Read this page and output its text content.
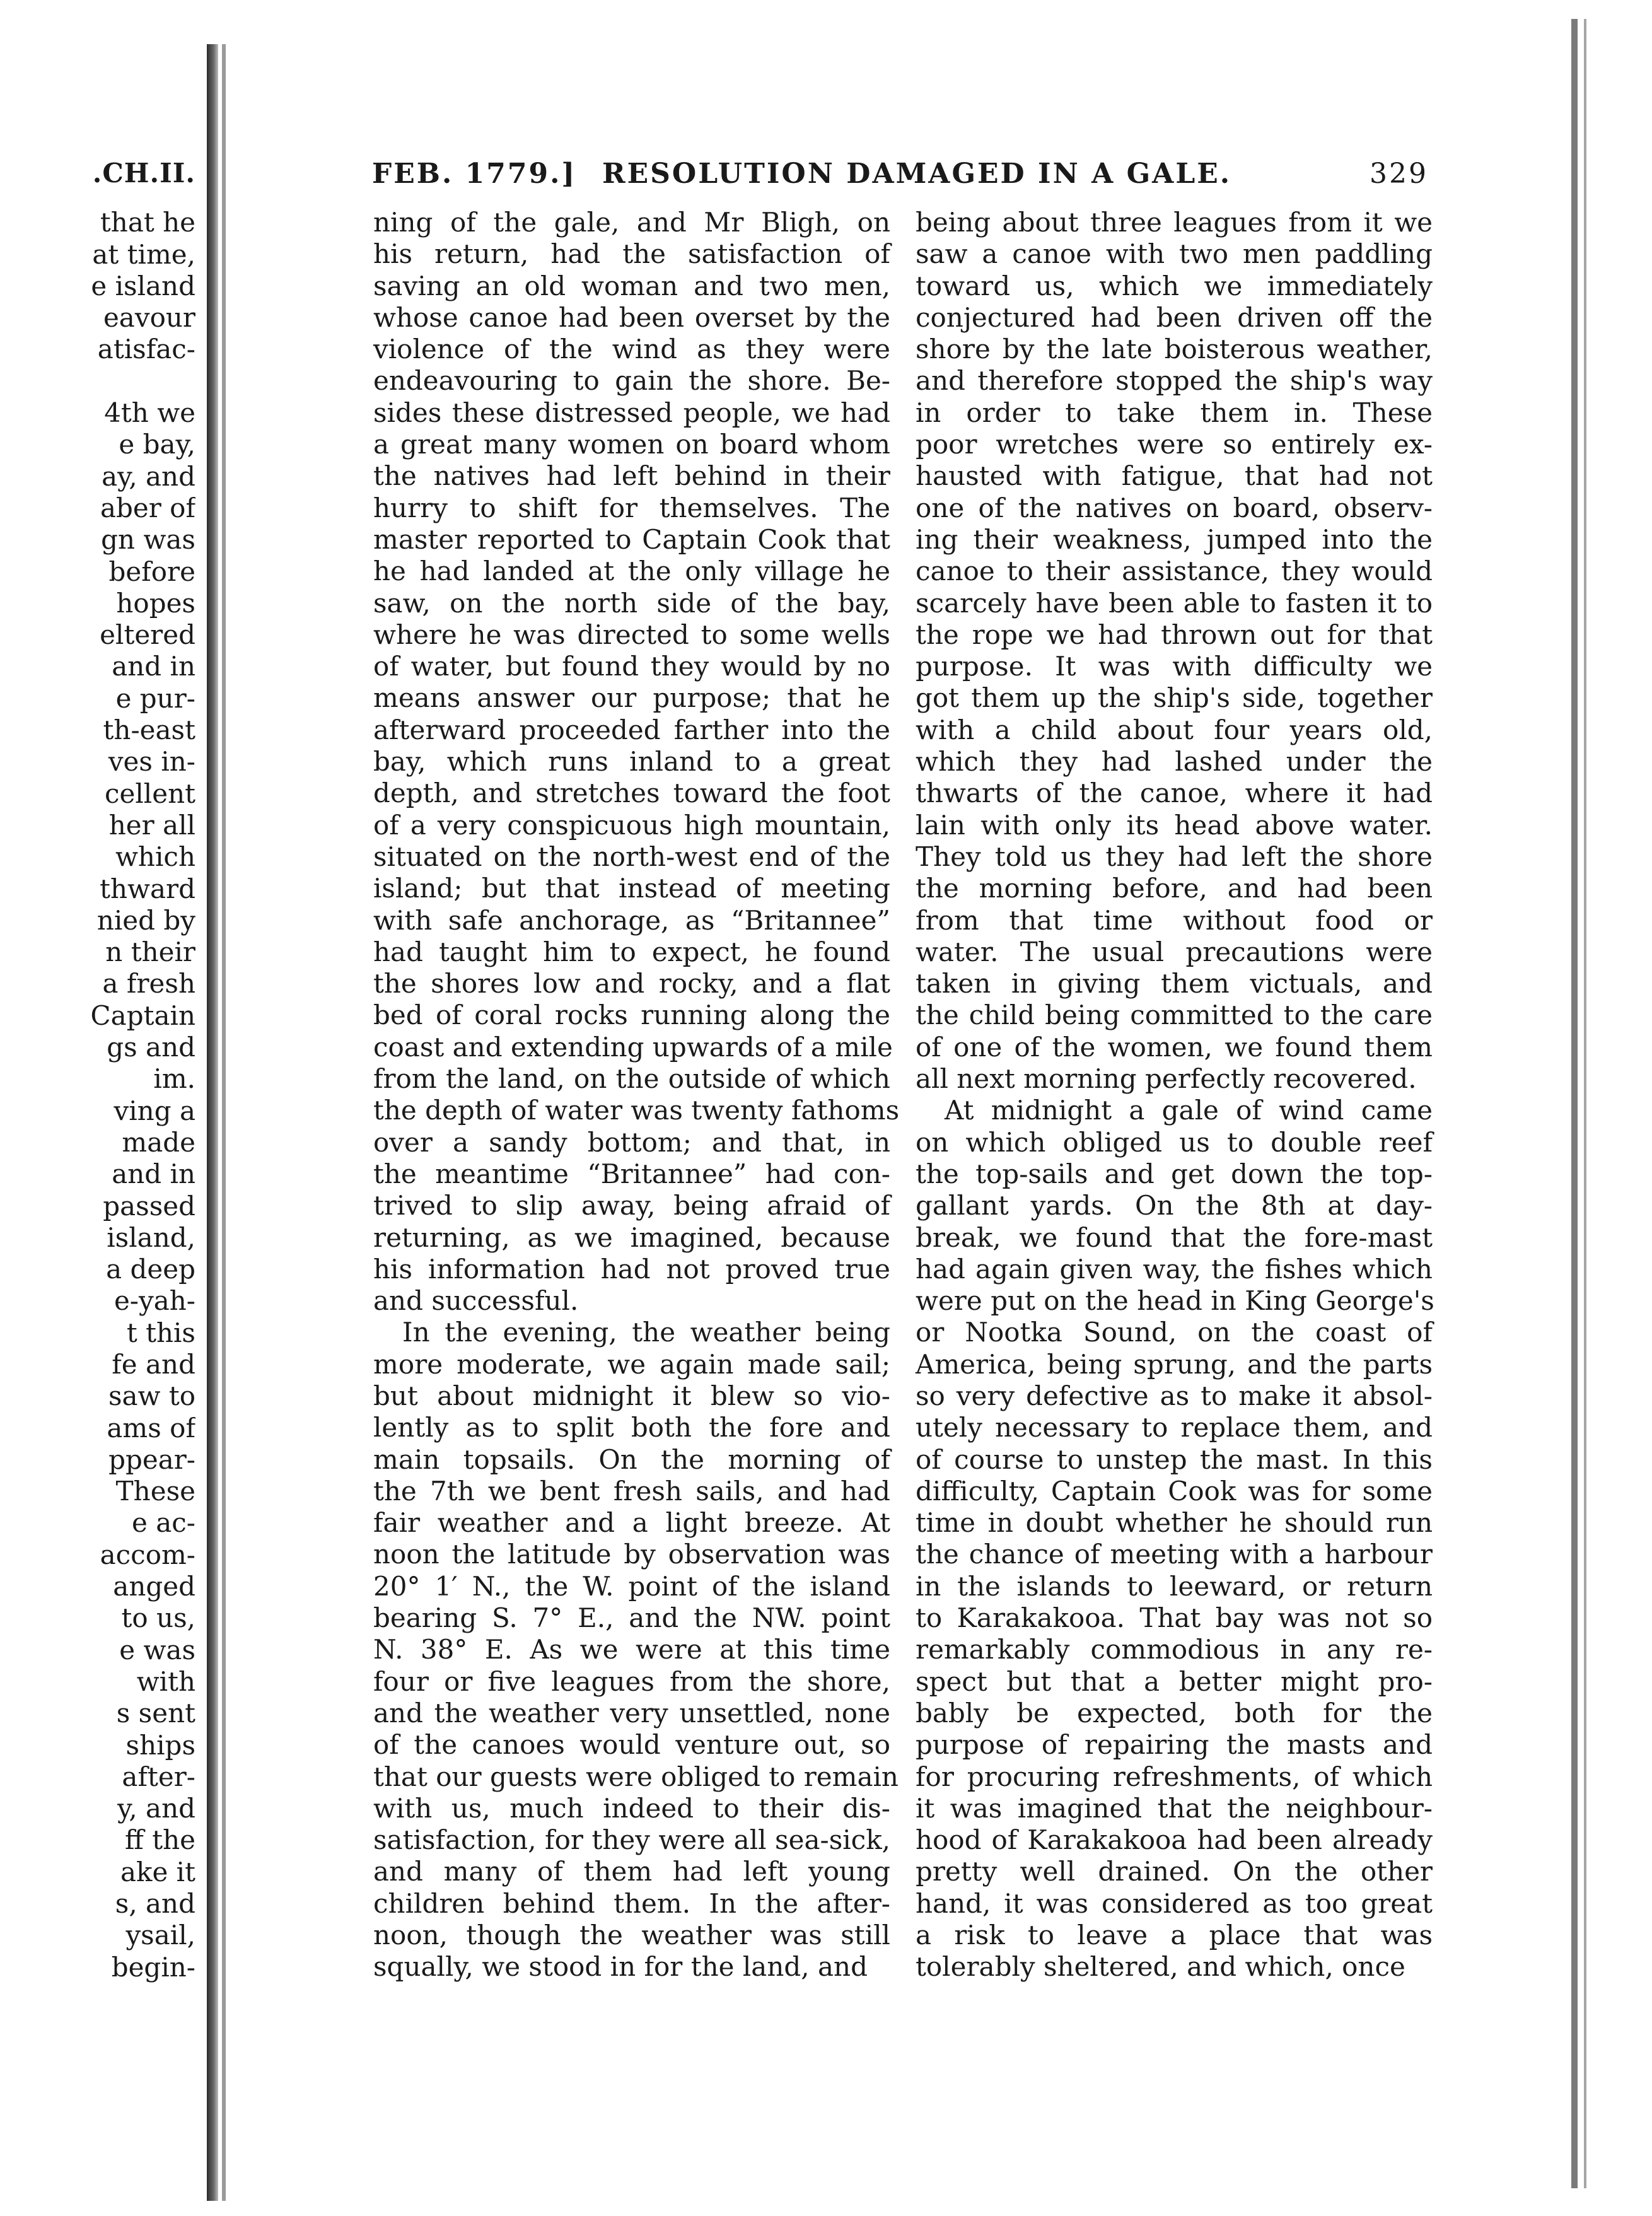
.CH.II.
that he
at time,
e island
eavour
atisfac-

4th we
e bay,
ay, and
aber of
gn was
before
hopes
eltered
and in
e pur-
th-east
ves in-
cellent
her all
which
thward
nied by
n their
a fresh
Captain
gs and
im.
ving a
made
and in
passed
island,
a deep
e-yah-
t this
fe and
saw to
ams of
ppear-
These
e ac-
accom-
anged
to us,
e was
with
s sent
ships
after-
y, and
ff the
ake it
s, and
ysail,
begin-
FEB. 1779.] RESOLUTION DAMAGED IN A GALE.	329
ning of the gale, and Mr Bligh, on
his return, had the satisfaction of
saving an old woman and two men,
whose canoe had been overset by the
violence of the wind as they were
endeavouring to gain the shore. Be-
sides these distressed people, we had
a great many women on board whom
the natives had left behind in their
hurry to shift for themselves. The
master reported to Captain Cook that
he had landed at the only village he
saw, on the north side of the bay,
where he was directed to some wells
of water, but found they would by no
means answer our purpose; that he
afterward proceeded farther into the
bay, which runs inland to a great
depth, and stretches toward the foot
of a very conspicuous high mountain,
situated on the north-west end of the
island; but that instead of meeting
with safe anchorage, as “Britannee”
had taught him to expect, he found
the shores low and rocky, and a flat
bed of coral rocks running along the
coast and extending upwards of a mile
from the land, on the outside of which
the depth of water was twenty fathoms
over a sandy bottom; and that, in
the meantime “Britannee” had con-
trived to slip away, being afraid of
returning, as we imagined, because
his information had not proved true
and successful.
In the evening, the weather being
more moderate, we again made sail;
but about midnight it blew so vio-
lently as to split both the fore and
main topsails. On the morning of
the 7th we bent fresh sails, and had
fair weather and a light breeze. At
noon the latitude by observation was
20° 1′ N., the W. point of the island
bearing S. 7° E., and the NW. point
N. 38° E. As we were at this time
four or five leagues from the shore,
and the weather very unsettled, none
of the canoes would venture out, so
that our guests were obliged to remain
with us, much indeed to their dis-
satisfaction, for they were all sea-sick,
and many of them had left young
children behind them. In the after-
noon, though the weather was still
squally, we stood in for the land, and
being about three leagues from it we
saw a canoe with two men paddling
toward us, which we immediately
conjectured had been driven off the
shore by the late boisterous weather,
and therefore stopped the ship's way
in order to take them in. These
poor wretches were so entirely ex-
hausted with fatigue, that had not
one of the natives on board, observ-
ing their weakness, jumped into the
canoe to their assistance, they would
scarcely have been able to fasten it to
the rope we had thrown out for that
purpose. It was with difficulty we
got them up the ship's side, together
with a child about four years old,
which they had lashed under the
thwarts of the canoe, where it had
lain with only its head above water.
They told us they had left the shore
the morning before, and had been
from that time without food or
water. The usual precautions were
taken in giving them victuals, and
the child being committed to the care
of one of the women, we found them
all next morning perfectly recovered.
At midnight a gale of wind came
on which obliged us to double reef
the top-sails and get down the top-
gallant yards. On the 8th at day-
break, we found that the fore-mast
had again given way, the fishes which
were put on the head in King George's
or Nootka Sound, on the coast of
America, being sprung, and the parts
so very defective as to make it absol-
utely necessary to replace them, and
of course to unstep the mast. In this
difficulty, Captain Cook was for some
time in doubt whether he should run
the chance of meeting with a harbour
in the islands to leeward, or return
to Karakakooa. That bay was not so
remarkably commodious in any re-
spect but that a better might pro-
bably be expected, both for the
purpose of repairing the masts and
for procuring refreshments, of which
it was imagined that the neighbour-
hood of Karakakooa had been already
pretty well drained. On the other
hand, it was considered as too great
a risk to leave a place that was
tolerably sheltered, and which, once
